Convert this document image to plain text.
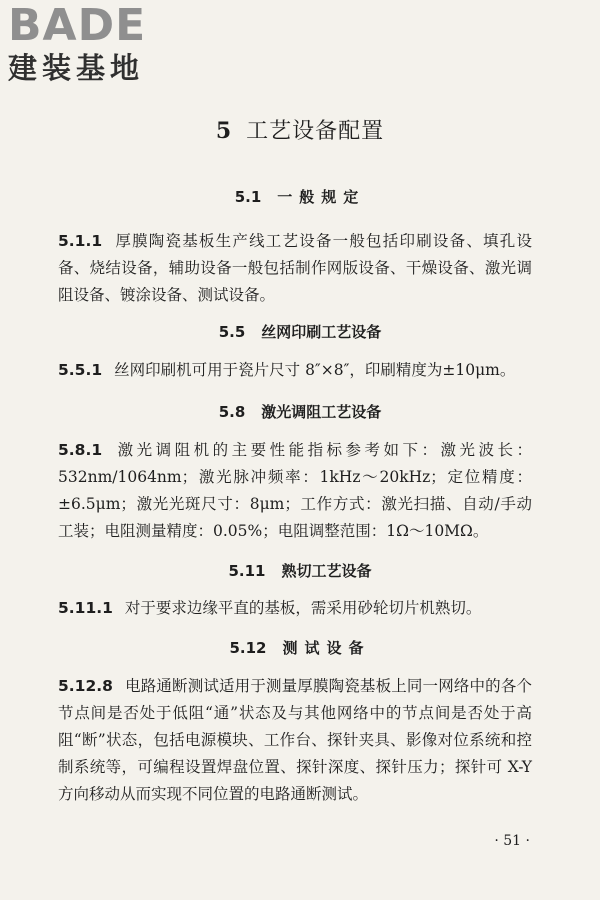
BADE
建装基地
5 工艺设备配置
5.1 一般规定
5.1.1 厚膜陶瓷基板生产线工艺设备一般包括印刷设备、填孔设备、烧结设备，辅助设备一般包括制作网版设备、干燥设备、激光调阻设备、镀涂设备、测试设备。
5.5 丝网印刷工艺设备
5.5.1 丝网印刷机可用于瓷片尺寸 8″×8″，印刷精度为±10μm。
5.8 激光调阻工艺设备
5.8.1 激光调阻机的主要性能指标参考如下：激光波长：532nm/1064nm；激光脉冲频率：1kHz～20kHz；定位精度：±6.5μm；激光光斑尺寸：8μm；工作方式：激光扫描、自动/手动工装；电阻测量精度：0.05%；电阻调整范围：1Ω～10MΩ。
5.11 熟切工艺设备
5.11.1 对于要求边缘平直的基板，需采用砂轮切片机熟切。
5.12 测试设备
5.12.8 电路通断测试适用于测量厚膜陶瓷基板上同一网络中的各个节点间是否处于低阻“通”状态及与其他网络中的节点间是否处于高阻“断”状态，包括电源模块、工作台、探针夹具、影像对位系统和控制系统等，可编程设置焊盘位置、探针深度、探针压力；探针可 X-Y 方向移动从而实现不同位置的电路通断测试。
· 51 ·
